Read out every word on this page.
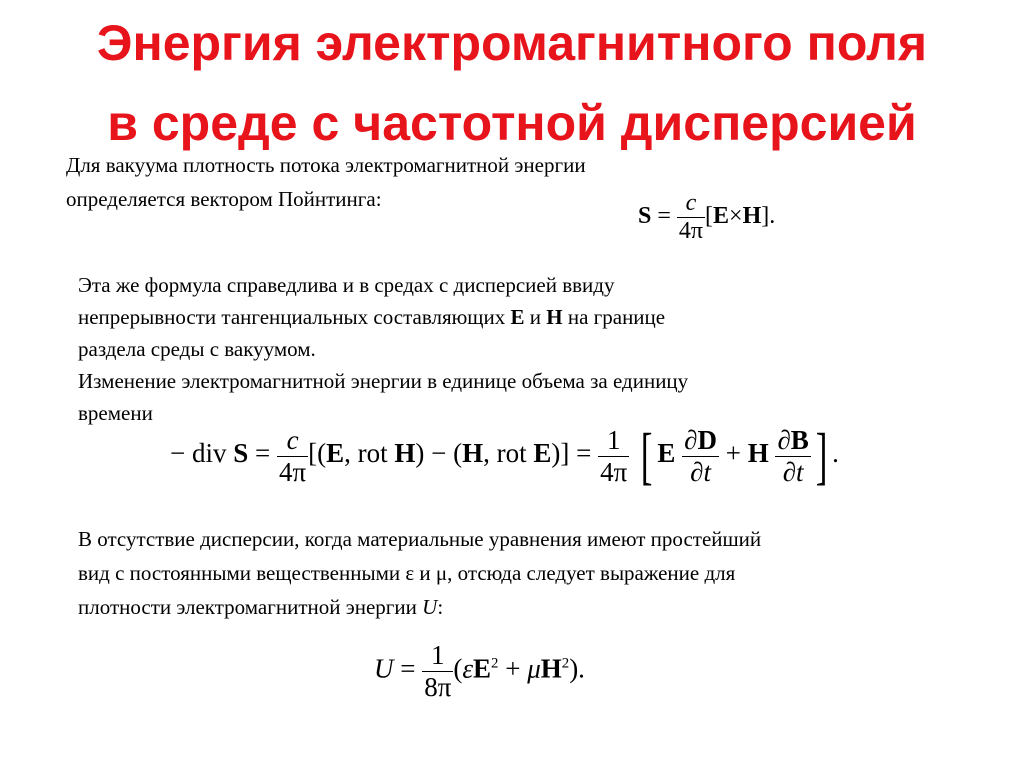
Энергия электромагнитного поля
в среде с частотной дисперсией
Для вакуума плотность потока электромагнитной энергии
определяется вектором Пойнтинга:
$S = \frac{c}{4\pi} [E\times H]$.
Эта же формула справедлива и в средах с дисперсией ввиду
непрерывности тангенциальных составляющих E и H на границе
раздела среды с вакуумом.
Изменение электромагнитной энергии в единице объема за единицу
времени
− div $S = \frac{c}{4\pi} [(E$, rot H) − (H, rot $E)] = \frac{1}{4\pi}$ [ E $\frac{\partial D}{\partial t} + H \frac{\partial B}{\partial t}$ ] .
В отсутствие дисперсии, когда материальные уравнения имеют простейший
вид с постоянными вещественными ε и μ, отсюда следует выражение для
плотности электромагнитной энергии U:
$U = \frac{1}{8\pi} (\varepsilon E^2 + \mu H^2)$.
